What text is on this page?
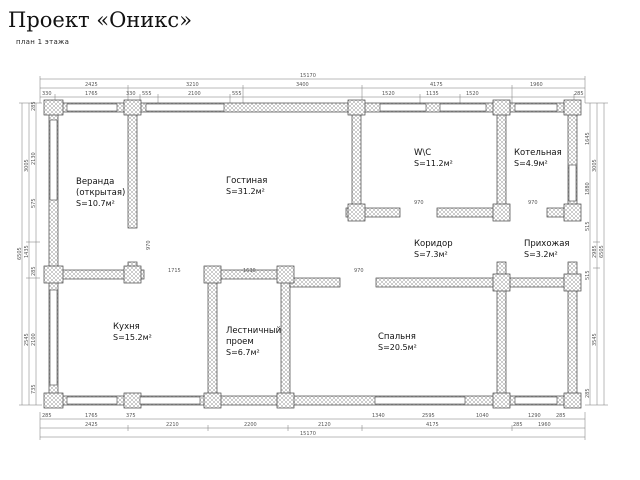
Проект «Оникс»
план 1 этажа
15170
2425	3210	3400	4175	1960
330	1765	330 555	2100	555	1520	1135	1520	285
285	1765	375	1340	2595	1040	1290	285
2425	2210	2200	2120	4175	285	1960
15170
6505
3005
1435
2545
285
2130
575
285
2100
735
6505
3005
2985
3545
1645
1880
515
515
285
1715	1630	970
970	970
970
Веранда
(открытая)
S=10.7м²
Гостиная
S=31.2м²
W\C
S=11.2м²
Котельная
S=4.9м²
Коридор
S=7.3м²
Прихожая
S=3.2м²
Кухня
S=15.2м²
Лестничный
проем
S=6.7м²
Спальня
S=20.5м²
